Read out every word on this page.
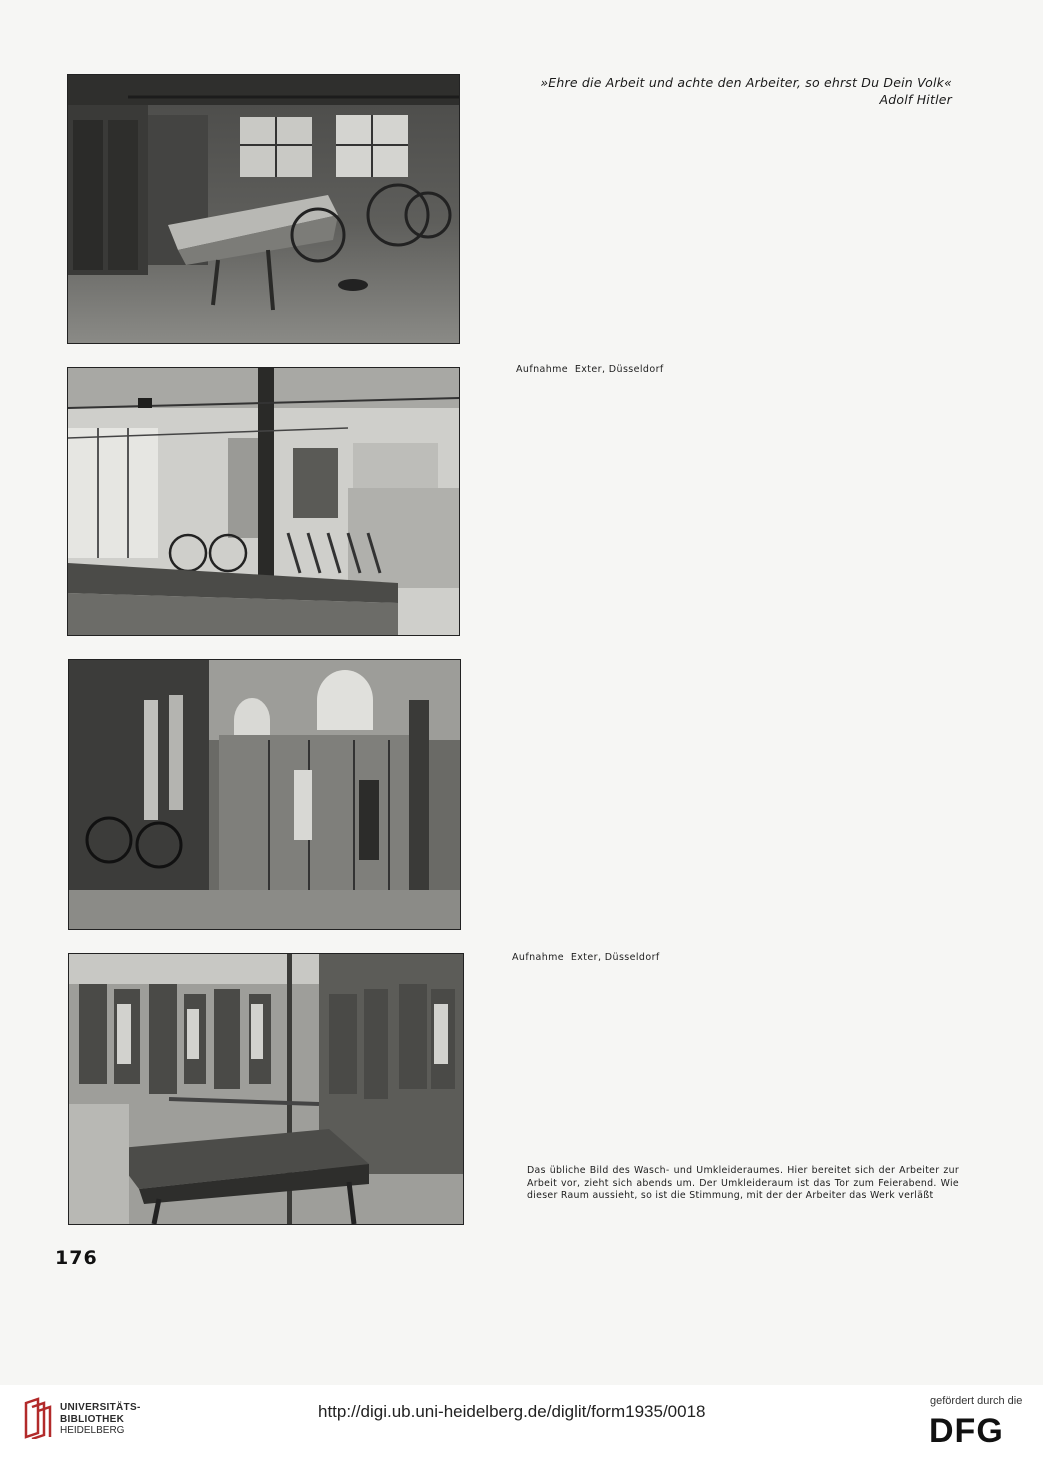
»Ehre die Arbeit und achte den Arbeiter, so ehrst Du Dein Volk«
Adolf Hitler
Aufnahme  Exter, Düsseldorf
Aufnahme  Exter, Düsseldorf
Das übliche Bild des Wasch- und Umkleideraumes. Hier bereitet sich der Arbeiter zur Arbeit vor, zieht sich abends um. Der Umkleideraum ist das Tor zum Feierabend. Wie dieser Raum aussieht, so ist die Stimmung, mit der der Arbeiter das Werk verläßt
176
UNIVERSITÄTS-
BIBLIOTHEK
HEIDELBERG
http://digi.ub.uni-heidelberg.de/diglit/form1935/0018
gefördert durch die
DFG
